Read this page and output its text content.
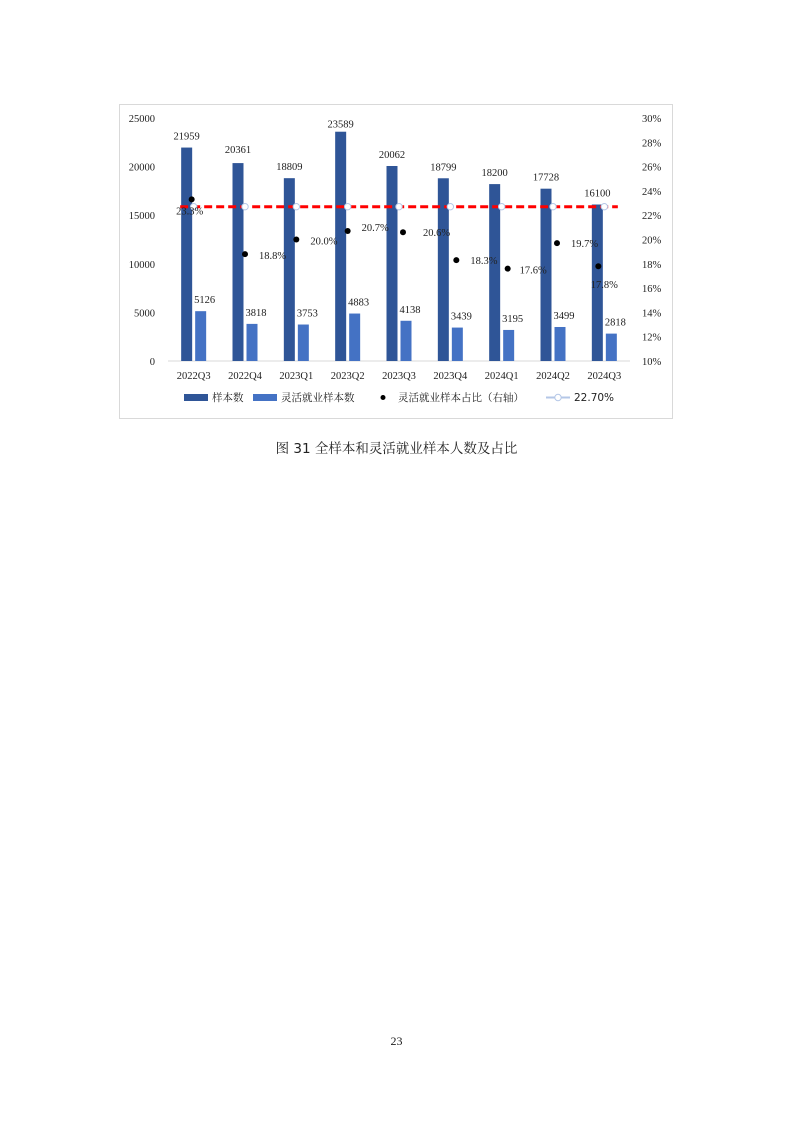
0
5000
10000
15000
20000
25000
10%
12%
14%
16%
18%
20%
22%
24%
26%
28%
30%
21959
5126
20361
3818
18809
3753
23589
4883
20062
4138
18799
3439
18200
3195
17728
3499
16100
2818
23.3%
18.8%
20.0%
20.7%	20.6%
18.3%
17.6%
19.7%
17.8%
2022Q3 2022Q4 2023Q1 2023Q2 2023Q3 2023Q4 2024Q1 2024Q2 2024Q3
样本数	灵活就业样本数	灵活就业样本占比（右轴）	22.70%
图 31 全样本和灵活就业样本人数及占比
23
